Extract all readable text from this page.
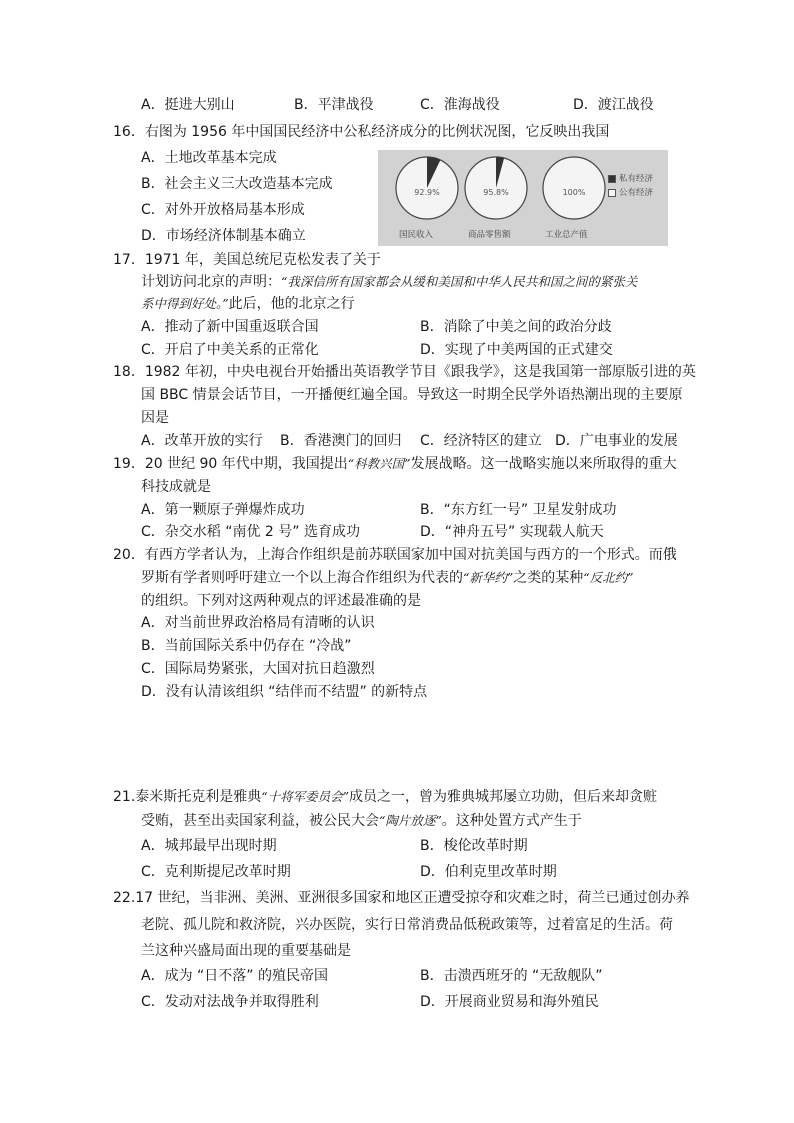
A．挺进大别山	B．平津战役	C．淮海战役	D．渡江战役
16．右图为 1956 年中国国民经济中公私经济成分的比例状况图，它反映出我国
A．土地改革基本完成
B．社会主义三大改造基本完成
C．对外开放格局基本形成
D．市场经济体制基本确立
92.9%	95.8%	100%
国民收入	商品零售额	工业总产值
私有经济
公有经济
17．1971 年，美国总统尼克松发表了关于
计划访问北京的声明：“我深信所有国家都会从缓和美国和中华人民共和国之间的紧张关
系中得到好处。”此后，他的北京之行
A．推动了新中国重返联合国	B．消除了中美之间的政治分歧
C．开启了中美关系的正常化	D．实现了中美两国的正式建交
18．1982 年初，中央电视台开始播出英语教学节目《跟我学》，这是我国第一部原版引进的英
国 BBC 情景会话节目，一开播便红遍全国。导致这一时期全民学外语热潮出现的主要原
因是
A．改革开放的实行 B．香港澳门的回归 C．经济特区的建立 D．广电事业的发展
19．20 世纪 90 年代中期，我国提出“科教兴国”发展战略。这一战略实施以来所取得的重大
科技成就是
A．第一颗原子弹爆炸成功	B．“东方红一号” 卫星发射成功
C．杂交水稻 “南优 2 号” 选育成功	D．“神舟五号” 实现载人航天
20．有西方学者认为，上海合作组织是前苏联国家加中国对抗美国与西方的一个形式。而俄
罗斯有学者则呼吁建立一个以上海合作组织为代表的“新华约”之类的某种“反北约”
的组织。下列对这两种观点的评述最准确的是
A．对当前世界政治格局有清晰的认识
B．当前国际关系中仍存在 “冷战”
C．国际局势紧张，大国对抗日趋激烈
D．没有认清该组织 “结伴而不结盟” 的新特点
21.泰米斯托克利是雅典“十将军委员会”成员之一，曾为雅典城邦屡立功勋，但后来却贪赃
受贿，甚至出卖国家利益，被公民大会“陶片放逐”。这种处置方式产生于
A．城邦最早出现时期	B．梭伦改革时期
C．克利斯提尼改革时期	D．伯利克里改革时期
22.17 世纪，当非洲、美洲、亚洲很多国家和地区正遭受掠夺和灾难之时，荷兰已通过创办养
老院、孤儿院和救济院，兴办医院，实行日常消费品低税政策等，过着富足的生活。荷
兰这种兴盛局面出现的重要基础是
A．成为 “日不落” 的殖民帝国	B．击溃西班牙的 “无敌舰队”
C．发动对法战争并取得胜利	D．开展商业贸易和海外殖民
